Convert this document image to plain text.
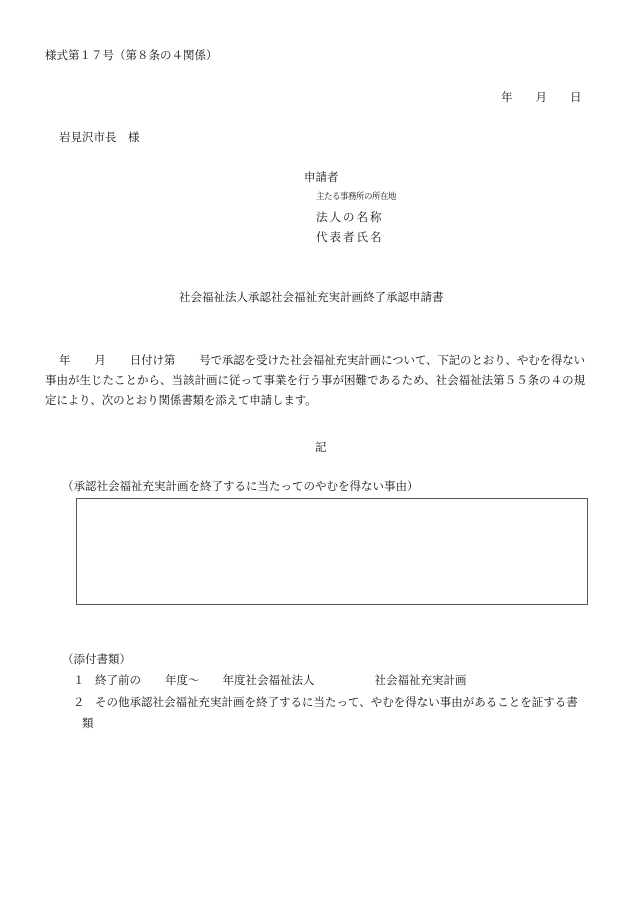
様式第１７号（第８条の４関係）
年 月 日
岩見沢市長　様
申請者
主たる事務所の所在地
法人の名称
代表者氏名
社会福祉法人承認社会福祉充実計画終了承認申請書
年 月 日付け第 号で承認を受けた社会福祉充実計画について、下記のとおり、やむを得ない事由が生じたことから、当該計画に従って事業を行う事が困難であるため、社会福祉法第５５条の４の規定により、次のとおり関係書類を添えて申請します。
記
（承認社会福祉充実計画を終了するに当たってのやむを得ない事由）
（添付書類）
１ 終了前の 年度～ 年度社会福祉法人	社会福祉充実計画
２ その他承認社会福祉充実計画を終了するに当たって、やむを得ない事由があることを証する書
類
